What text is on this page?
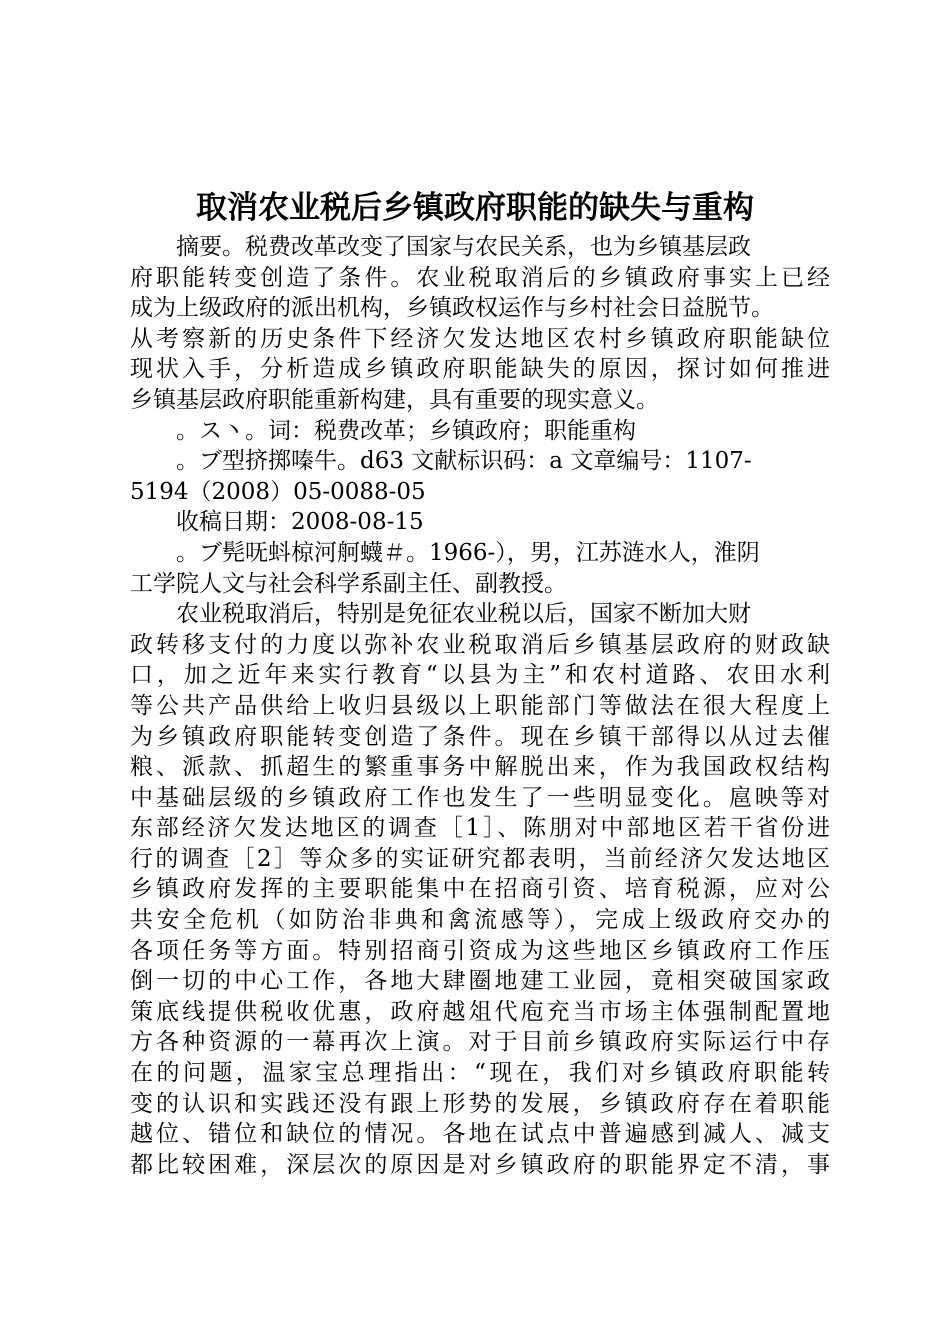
取消农业税后乡镇政府职能的缺失与重构
　　摘要。税费改革改变了国家与农民关系，也为乡镇基层政
府职能转变创造了条件。农业税取消后的乡镇政府事实上已经
成为上级政府的派出机构，乡镇政权运作与乡村社会日益脱节。
从考察新的历史条件下经济欠发达地区农村乡镇政府职能缺位
现状入手，分析造成乡镇政府职能缺失的原因，探讨如何推进
乡镇基层政府职能重新构建，具有重要的现实意义。
　　。ス丶。词：税费改革；乡镇政府；职能重构
　　。ブ型挤掷嗪牛。d63 文献标识码：a 文章编号：1107-
5194（2008）05-0088-05
　　收稿日期：2008-08-15
　　。ブ髡呒蚪椋河舸蠛＃。1966-），男，江苏涟水人，淮阴
工学院人文与社会科学系副主任、副教授。
　　农业税取消后，特别是免征农业税以后，国家不断加大财
政转移支付的力度以弥补农业税取消后乡镇基层政府的财政缺
口，加之近年来实行教育“以县为主”和农村道路、农田水利
等公共产品供给上收归县级以上职能部门等做法在很大程度上
为乡镇政府职能转变创造了条件。现在乡镇干部得以从过去催
粮、派款、抓超生的繁重事务中解脱出来，作为我国政权结构
中基础层级的乡镇政府工作也发生了一些明显变化。扈映等对
东部经济欠发达地区的调查［1］、陈朋对中部地区若干省份进
行的调查［2］等众多的实证研究都表明，当前经济欠发达地区
乡镇政府发挥的主要职能集中在招商引资、培育税源，应对公
共安全危机（如防治非典和禽流感等），完成上级政府交办的
各项任务等方面。特别招商引资成为这些地区乡镇政府工作压
倒一切的中心工作，各地大肆圈地建工业园，竟相突破国家政
策底线提供税收优惠，政府越俎代庖充当市场主体强制配置地
方各种资源的一幕再次上演。对于目前乡镇政府实际运行中存
在的问题，温家宝总理指出：“现在，我们对乡镇政府职能转
变的认识和实践还没有跟上形势的发展，乡镇政府存在着职能
越位、错位和缺位的情况。各地在试点中普遍感到减人、减支
都比较困难，深层次的原因是对乡镇政府的职能界定不清，事
